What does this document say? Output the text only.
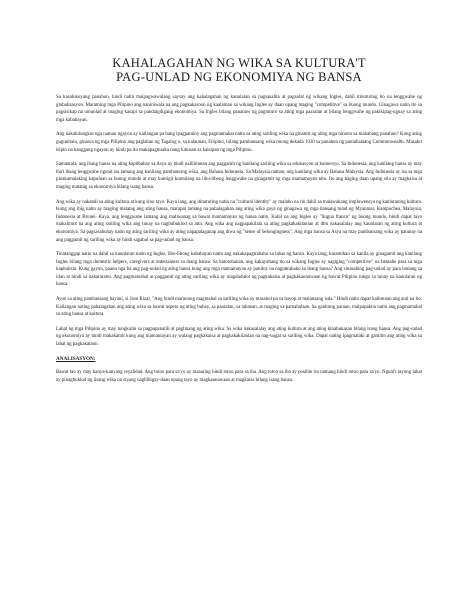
KAHALAGAHAN NG WIKA SA KULTURA'T
PAG-UNLAD NG EKONOMIYA NG BANSA

Sa kasalukuyang panahon, hindi natin maipagwawalang saysay ang kahalagahan ng kaunlaran sa pagsasalita at pagsulat ng wikang Ingles, dahil itinuturing ito na lenggwahe ng globalisasyon. Maraming mga Pilipino ang naniniwala na ang pagkakaroon ng kaalaman sa wikang Ingles ay daan upang maging "competitive" sa buong mundo. Ginagawa natin ito sa pagsisikap na umunlad at maging kasapi sa pandaigdigang ekonomiya. Sa Ingles bilang pananaw ng pagtuturo sa ating mga paaralan at bilang lenggwahe ng pakikipag-ugnay sa ating mga kababayan.

Ang nakalulungkot nga naman ngayon ay kailangan pa bang ipagpatuloy ang pagmamahal natin sa ating sariling wika na ginamit ng ating mga ninuno sa mahabang panahon? Kung ating gugunitain, ginawa ng mga Pilipino ang paglaban ng Tagalog o, sa kalaunan, Filipino, bilang pambansang wika noong dekada 1930 sa panahon ng pamahalaang Commonwealth. Masakit isipin na hanggang ngayon ay hindi pa ito makapagmarka nang lubusan sa kaisipan ng mga Pilipino.

Samantala, ang ibang bansa na ating kapitbahay sa Asya ay hindi nalilimutan ang paggamit ng kanilang sariling wika sa edukasyon at komersyo. Sa Indonesia, ang kanilang bansa ay may iba't ibang lenggwahe ngunit isa lamang ang kanilang pambansang wika, ang Bahasa Indonesia. Sa Malaysia naman, ang kanilang wika ay Bahasa Malaysia. Ang Indonesia ay isa sa mga pinakamalaking kapuluan sa buong mundo at may humigit kumulang na libu-libong lenggwahe na ginagamit ng mga mamamayan nito. Ito ang naging daan upang sila ay magkaisa at maging matatag sa ekonomiya bilang isang bansa.

Ang wika ay nakatali sa ating kultura at kung sino tayo. Kaya lang, ang itinuturing natin na "cultural identity" ay malabo na rin dahil sa malawakang impluwensya ng kanluraning kultura. Kung ang ibig natin ay maging matatag ang ating bansa, marapat lamang na pahalagahan ang ating wika gaya ng ginagawa ng mga bansang tulad ng Myanmar, Kampuchea, Malaysia, Indonesia at Brunei. Kaya, ang lenggwahe lamang ang maliwanag sa bawat mamamayan ng bansa natin. Kahit na ang Ingles ay "lingua franca" ng buong mundo, hindi dapat tayo makalimot na ang ating sariling wika ang tunay na nagbubuklod sa atin. Ang wika ang nagpapakilala sa ating pagkakakilanlan at dito nakasalalay ang kaunlaran ng ating kultura at ekonomiya. Sa pagsasabuhay natin ng ating sariling wika ay ating napapalaganap ang diwa ng "sense of belongingness". Ang mga bansa sa Asya na may pambansang wika ay patunay na ang paggamit ng sariling wika ay hindi sagabal sa pag-unlad ng bansa.

Tinatanggap natin na dahil sa kaunlaran natin ng Ingles, libo-libong kababayan natin ang nakakapagtrabaho sa labas ng bansa. Kaya lang, karamihan sa kanila ay ginagamit ang kanilang Ingles bilang mga domestic helpers, caregivers at entertainers sa ibang bansa. Sa katotohanan, ang kakayahang ito sa wikang Ingles ay nagiging "competitive" na bentahe para sa mga kapitalista. Kung gayon, paano nga ba ang pag-unlad ng ating bansa kung ang mga mamamayan ay patuloy na nagtatrabaho sa ibang bansa? Ang sinasabing pag-unlad ay para lamang sa iilan at hindi sa nakararami. Ang pagmamahal at paggamit ng ating sariling wika ay magdudulot ng pagkakaisa at pagkakaunawaan ng bawat Pilipino tungo sa tunay na kaunlaran ng bansa.

Ayon sa ating pambansang bayani, si Jose Rizal, "Ang hindi marunong magmahal sa sariling wika ay masahol pa sa hayop at malansang isda." Hindi natin dapat kalimutan ang aral na ito. Kailangan nating pahalagahan ang ating wika sa bawat aspeto ng ating buhay, sa paaralan, sa tahanan, at maging sa pamahalaan. Sa ganitong paraan, maipapakita natin ang pagmamahal sa ating bansa at kultura.

Lahat ng mga Pilipino ay may tungkulin sa pagpapanatili at paglinang ng ating wika. Sa wika nakasalalay ang ating kultura at ang ating kinabukasan bilang isang bansa. Ang pag-unlad ng ekonomiya ay hindi makakamit kung ang mamamayan ay walang pagkakaisa at pagkakakilanlan na nag-uugat sa sariling wika. Dapat nating ipagmalaki at gamitin ang ating wika sa lahat ng pagkakataon.

ANALISASYON:

Bawat tao ay may kanya-kanyang reyalidad. Ang totoo para sa'yo ay maaaring hindi totoo para sa iba. Ang totoo sa iba ay posible rin namang hindi totoo para sa'yo. Nguni't tayong lahat ay pinagbuklod ng iisang wika na siyang nagbibigay-daan upang tayo ay magkaunawaan at magkaisa bilang isang bansa.
